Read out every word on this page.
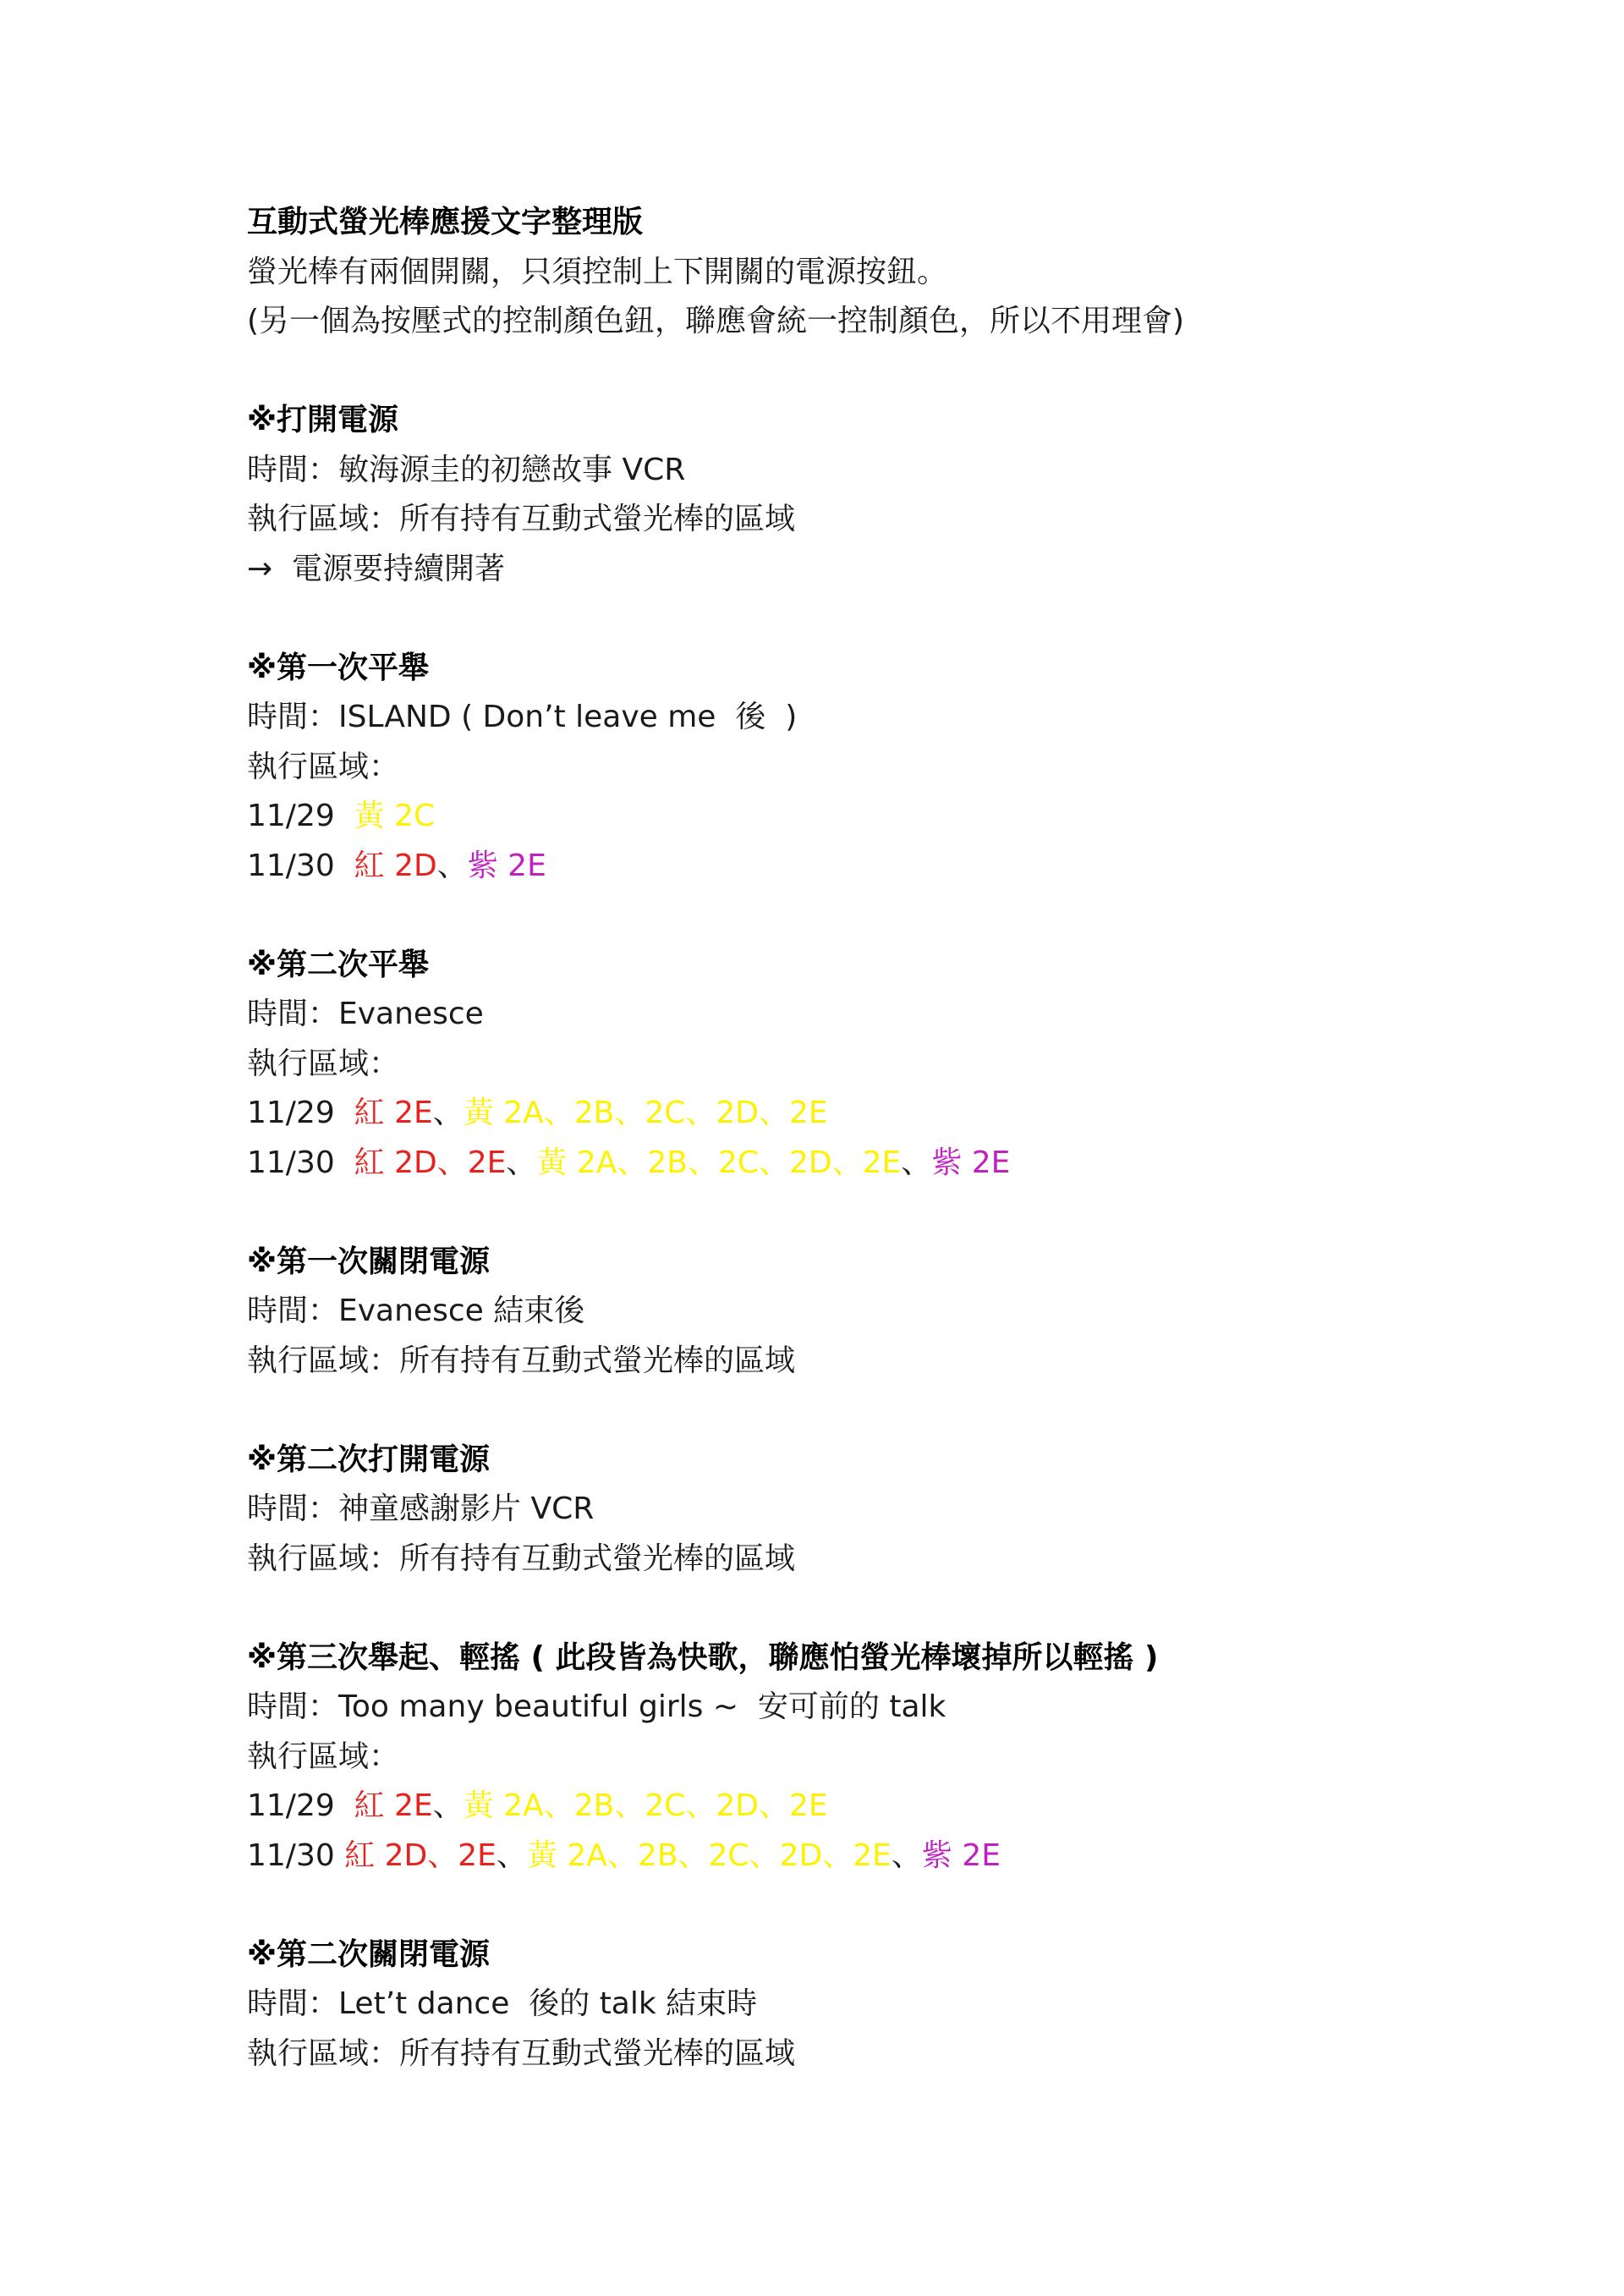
互動式螢光棒應援文字整理版
螢光棒有兩個開關，只須控制上下開關的電源按鈕。
(另一個為按壓式的控制顏色鈕，聯應會統一控制顏色，所以不用理會)
※打開電源
時間：敏海源圭的初戀故事 VCR
執行區域：所有持有互動式螢光棒的區域
→  電源要持續開著
※第一次平舉
時間：ISLAND ( Don’t leave me  後  )
執行區域：
11/29  黃 2C
11/30  紅 2D、紫 2E
※第二次平舉
時間：Evanesce
執行區域：
11/29  紅 2E、黃 2A、2B、2C、2D、2E
11/30  紅 2D、2E、黃 2A、2B、2C、2D、2E、紫 2E
※第一次關閉電源
時間：Evanesce 結束後
執行區域：所有持有互動式螢光棒的區域
※第二次打開電源
時間：神童感謝影片 VCR
執行區域：所有持有互動式螢光棒的區域
※第三次舉起、輕搖 ( 此段皆為快歌，聯應怕螢光棒壞掉所以輕搖 )
時間：Too many beautiful girls ~  安可前的 talk
執行區域：
11/29  紅 2E、黃 2A、2B、2C、2D、2E
11/30 紅 2D、2E、黃 2A、2B、2C、2D、2E、紫 2E
※第二次關閉電源
時間：Let’t dance  後的 talk 結束時
執行區域：所有持有互動式螢光棒的區域
